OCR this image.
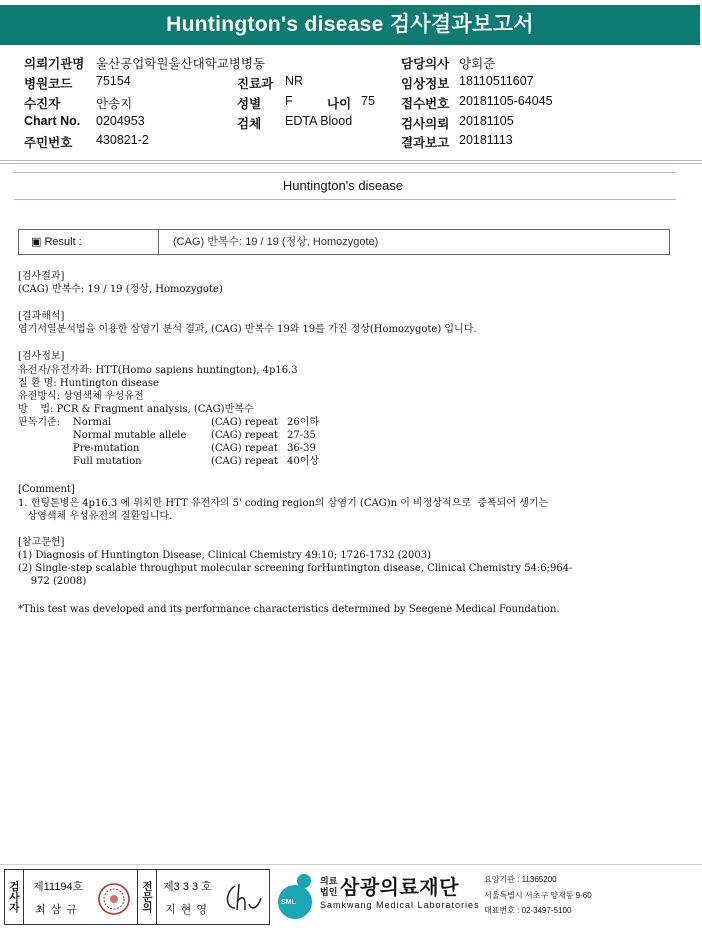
Huntington's disease 검사결과보고서
의뢰기관명 울산공업학원울산대학교병병동
병원코드 75154
수진자	안송지
Chart No. 0204953
주민번호 430821-2
진료과 NR
성별 F	나이 75
검체 EDTA Blood
담당의사 양회준
임상정보 18110511607
접수번호 20181105-64045
검사의뢰 20181105
결과보고 20181113
Huntington's disease
▣ Result :	(CAG) 반복수: 19 / 19 (정상, Homozygote)
[검사결과]
(CAG) 반복수: 19 / 19 (정상, Homozygote)
[결과해석]
염기서열분석법을 이용한 삼염기 분석 결과, (CAG) 반복수 19와 19를 가진 정상(Homozygote) 입니다.
[검사정보]
유전자/유전자좌: HTT(Homo sapiens huntington), 4p16.3
질 환 명: Huntington disease
유전방식: 상염색체 우성유전
방    법: PCR & Fragment analysis, (CAG)반복수
판독기준: Normal	(CAG) repeat 26이하
Normal mutable allele (CAG) repeat 27-35
Pre-mutation	(CAG) repeat 36-39
Full mutation	(CAG) repeat 40이상
[Comment]
1. 헌팅톤병은 4p16.3 에 위치한 HTT 유전자의 5' coding region의 삼염기 (CAG)n 이 비정상적으로  증폭되어 생기는
상염색체 우성유전의 질환입니다.
[참고문헌]
(1) Diagnosis of Huntington Disease, Clinical Chemistry 49:10; 1726-1732 (2003)
(2) Single-step scalable throughput molecular screening forHuntington disease, Clinical Chemistry 54:6;964-
972 (2008)
*This test was developed and its performance characteristics determined by Seegene Medical Foundation.
검사자 제11194호
최 삼 규	전문의 제3 3 3 호
지 현 영
SML
의료
법인 삼광의료재단
Samkwang Medical Laboratories
요양기관 : 11365200
서울특별시 서초구 양재동 9-60
대표번호 : 02-3497-5100
